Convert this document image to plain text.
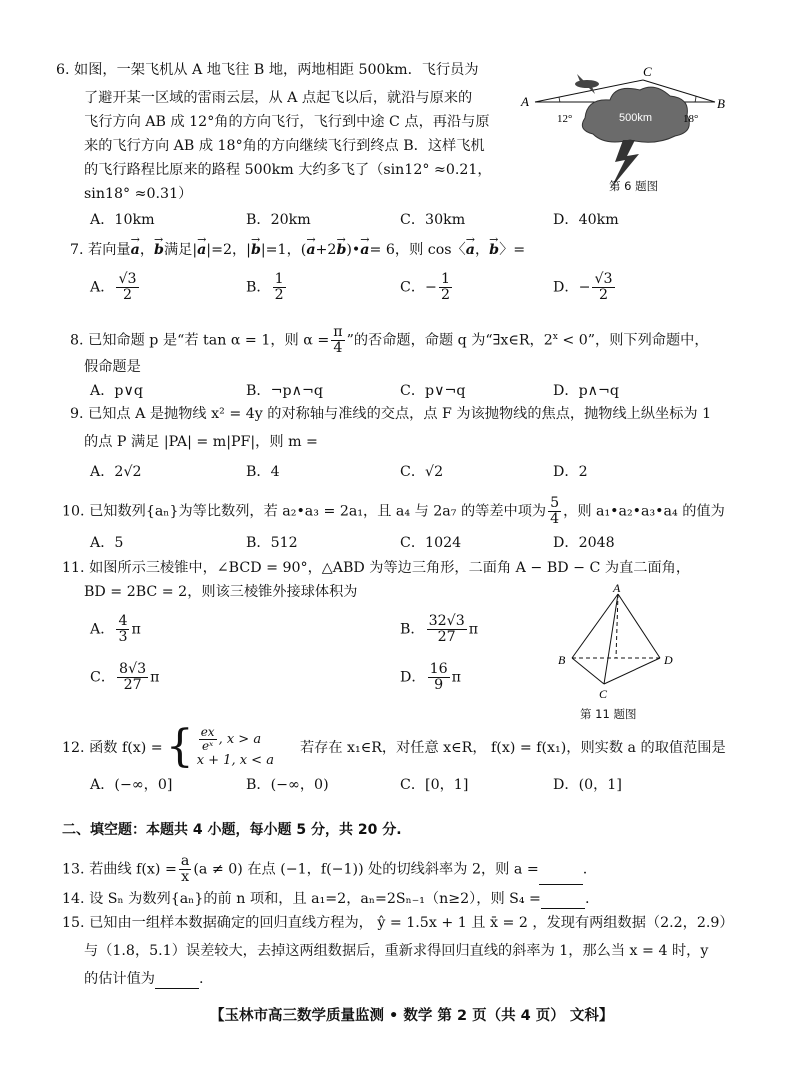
6. 如图，一架飞机从 A 地飞往 B 地，两地相距 500km．飞行员为
了避开某一区域的雷雨云层，从 A 点起飞以后，就沿与原来的
飞行方向 AB 成 12°角的方向飞行，飞行到中途 C 点，再沿与原
来的飞行方向 AB 成 18°角的方向继续飞行到终点 B．这样飞机
的飞行路程比原来的路程 500km 大约多飞了（sin12° ≈0.21，
sin18° ≈0.31）
A．10km	B．20km	C．30km	D．40km
A	B
C
12°	18°
500km
第 6 题图
7. 若向量→ a，→ b满足|→ a|=2，|→ b|=1，(→ a+2→ b)•→ a= 6，则 cos〈→ a，→ b〉=
A． $\frac{√3}{2}$	B． $\frac{1}{2}$	C．− $\frac{1}{2}$	D．− $\frac{√3}{2}$
8. 已知命题 p 是“若 tan α = 1，则 $\alpha = \frac{\pi}{4}$ ”的否命题，命题 q 为“∃x∈R，$2^x < 0$”，则下列命题中，
假命题是
A．p∨q	B．¬p∧¬q	C．p∨¬q	D．p∧¬q
9. 已知点 A 是抛物线 x² = 4y 的对称轴与准线的交点，点 F 为该抛物线的焦点，抛物线上纵坐标为 1
的点 P 满足 |PA| = m|PF|，则 m =
A．2√2	B．4	C．√2	D．2
10. 已知数列{aₙ}为等比数列，若 a₂•a₃ = 2a₁，且 a₄ 与 2a₇ 的等差中项为 $\frac{5}{4}$ ，则 a₁•a₂•a₃•a₄ 的值为
A．5	B．512	C．1024	D．2048
11. 如图所示三棱锥中，∠BCD = 90°，△ABD 为等边三角形，二面角 A − BD − C 为直二面角，
BD = 2BC = 2，则该三棱锥外接球体积为
A． $\frac{4}{3}$ π	B． $\frac{32√3}{27}$ π
C． $\frac{8√3}{27}$ π	D． $\frac{16}{9}$ π
A
B
C
D
第 11 题图
12. 函数 f(x) = { $\frac{ex}{\text{eˣ}}$ , x > a
x + 1, x < a
若存在 x₁∈R，对任意 x∈R， f(x) = f(x₁)，则实数 a 的取值范围是
A．(−∞，0]	B．(−∞，0)	C．[0，1]	D．(0，1]
二、填空题：本题共 4 小题，每小题 5 分，共 20 分.
13. 若曲线 $f(x) = \frac{a}{x} (a \ne 0)$ 在点 (−1，f(−1)) 处的切线斜率为 2，则 a =	.
14. 设 Sₙ 为数列{aₙ}的前 n 项和，且 a₁=2，aₙ=2Sₙ₋₁（n≥2），则 S₄ =	.
15. 已知由一组样本数据确定的回归直线方程为， ŷ = 1.5x + 1 且 x̄ = 2 ，发现有两组数据（2.2，2.9）
与（1.8，5.1）误差较大，去掉这两组数据后，重新求得回归直线的斜率为 1，那么当 x = 4 时，y
的估计值为	.
【玉林市高三数学质量监测 • 数学 第 2 页（共 4 页） 文科】
